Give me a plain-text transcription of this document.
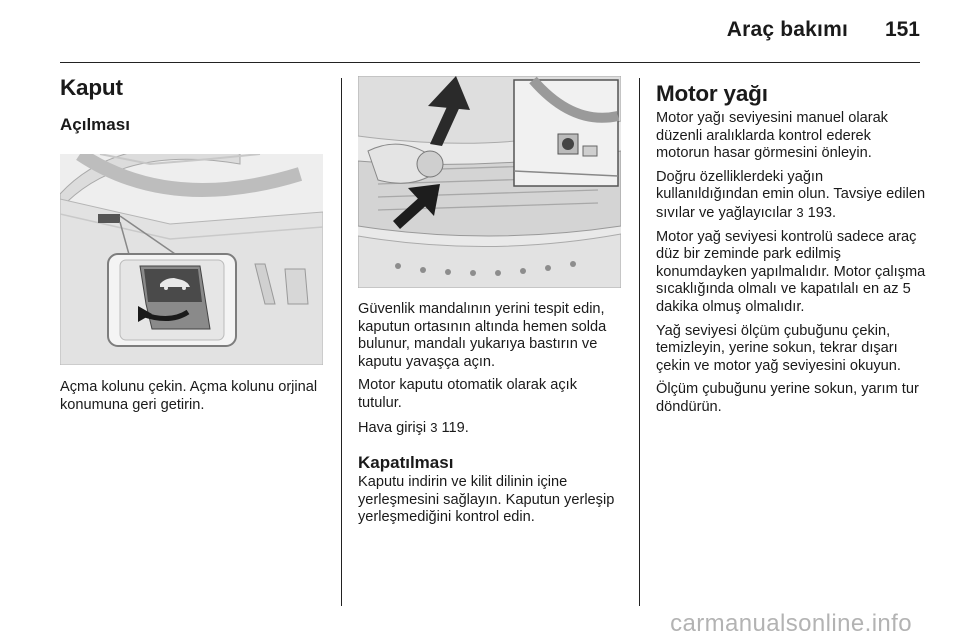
Araç bakımı 151
Kaput
Açılması

Açma kolunu çekin. Açma kolunu orjinal konumuna geri getirin.

Güvenlik mandalının yerini tespit edin, kaputun ortasının altında hemen solda bulunur, mandalı yukarıya bastırın ve kaputu yavaşça açın.

Motor kaputu otomatik olarak açık tutulur.

Hava girişi 3 119.

Kapatılması

Kaputu indirin ve kilit dilinin içine yerleşmesini sağlayın. Kaputun yerleşip yerleşmediğini kontrol edin.

Motor yağı

Motor yağı seviyesini manuel olarak düzenli aralıklarda kontrol ederek motorun hasar görmesini önleyin.

Doğru özelliklerdeki yağın kullanıldığından emin olun. Tavsiye edilen sıvılar ve yağlayıcılar 3 193.

Motor yağ seviyesi kontrolü sadece araç düz bir zeminde park edilmiş konumdayken yapılmalıdır. Motor çalışma sıcaklığında olmalı ve kapatılalı en az 5 dakika olmuş olmalıdır.

Yağ seviyesi ölçüm çubuğunu çekin, temizleyin, yerine sokun, tekrar dışarı çekin ve motor yağ seviyesini okuyun.

Ölçüm çubuğunu yerine sokun, yarım tur döndürün.

carmanualsonline.info
